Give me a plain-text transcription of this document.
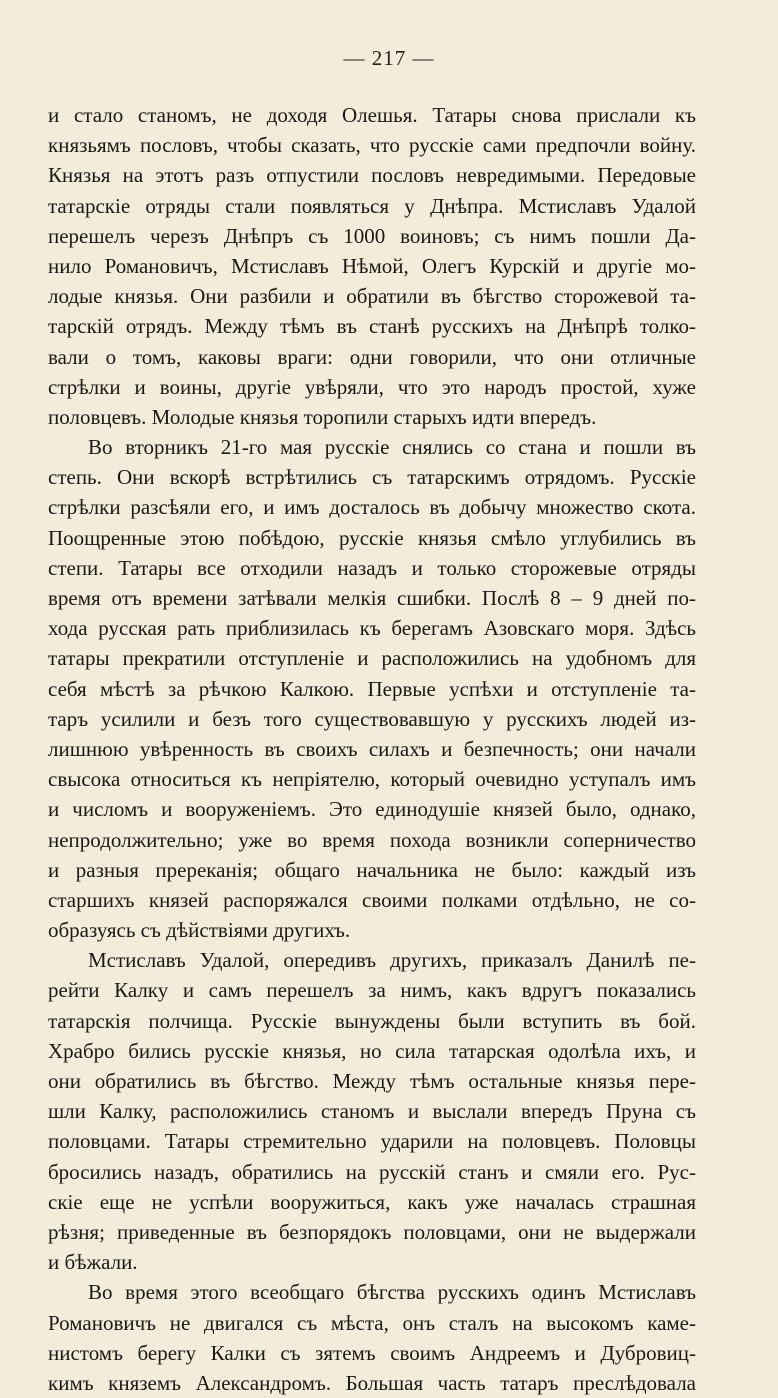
— 217 —
и стало станомъ, не доходя Олешья. Татары снова прислали къ
князьямъ пословъ, чтобы сказать, что русскіе сами предпочли войну.
Князья на этотъ разъ отпустили пословъ невредимыми. Передовые
татарскіе отряды стали появляться у Днѣпра. Мстиславъ Удалой
перешелъ черезъ Днѣпръ съ 1000 воиновъ; съ нимъ пошли Да-
нило Романовичъ, Мстиславъ Нѣмой, Олегъ Курскій и другіе мо-
лодые князья. Они разбили и обратили въ бѣгство сторожевой та-
тарскій отрядъ. Между тѣмъ въ станѣ русскихъ на Днѣпрѣ толко-
вали о томъ, каковы враги: одни говорили, что они отличные
стрѣлки и воины, другіе увѣряли, что это народъ простой, хуже
половцевъ. Молодые князья торопили старыхъ идти впередъ.
Во вторникъ 21-го мая русскіе снялись со стана и пошли въ
степь. Они вскорѣ встрѣтились съ татарскимъ отрядомъ. Русскіе
стрѣлки разсѣяли его, и имъ досталось въ добычу множество скота.
Поощренные этою побѣдою, русскіе князья смѣло углубились въ
степи. Татары все отходили назадъ и только сторожевые отряды
время отъ времени затѣвали мелкія сшибки. Послѣ 8 – 9 дней по-
хода русская рать приблизилась къ берегамъ Азовскаго моря. Здѣсь
татары прекратили отступленіе и расположились на удобномъ для
себя мѣстѣ за рѣчкою Калкою. Первые успѣхи и отступленіе та-
таръ усилили и безъ того существовавшую у русскихъ людей из-
лишнюю увѣренность въ своихъ силахъ и безпечность; они начали
свысока относиться къ непріятелю, который очевидно уступалъ имъ
и числомъ и вооруженіемъ. Это единодушіе князей было, однако,
непродолжительно; уже во время похода возникли соперничество
и разныя пререканія; общаго начальника не было: каждый изъ
старшихъ князей распоряжался своими полками отдѣльно, не со-
образуясь съ дѣйствіями другихъ.
Мстиславъ Удалой, опередивъ другихъ, приказалъ Данилѣ пе-
рейти Калку и самъ перешелъ за нимъ, какъ вдругъ показались
татарскія полчища. Русскіе вынуждены были вступить въ бой.
Храбро бились русскіе князья, но сила татарская одолѣла ихъ, и
они обратились въ бѣгство. Между тѣмъ остальные князья пере-
шли Калку, расположились станомъ и выслали впередъ Пруна съ
половцами. Татары стремительно ударили на половцевъ. Половцы
бросились назадъ, обратились на русскій станъ и смяли его. Рус-
скіе еще не успѣли вооружиться, какъ уже началась страшная
рѣзня; приведенные въ безпорядокъ половцами, они не выдержали
и бѣжали.
Во время этого всеобщаго бѣгства русскихъ одинъ Мстиславъ
Романовичъ не двигался съ мѣста, онъ сталъ на высокомъ каме-
нистомъ берегу Калки съ зятемъ своимъ Андреемъ и Дубровиц-
кимъ княземъ Александромъ. Большая часть татаръ преслѣдовала
